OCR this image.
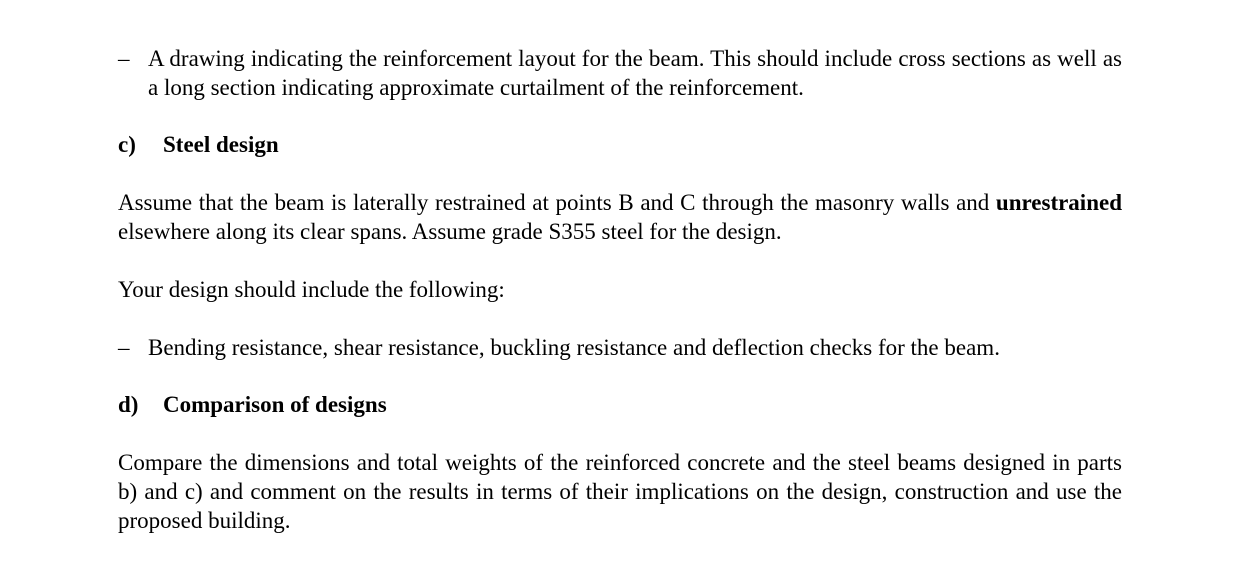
– A drawing indicating the reinforcement layout for the beam. This should include cross sections as well as a long section indicating approximate curtailment of the reinforcement.
c)	Steel design
Assume that the beam is laterally restrained at points B and C through the masonry walls and unrestrained elsewhere along its clear spans. Assume grade S355 steel for the design.
Your design should include the following:
– Bending resistance, shear resistance, buckling resistance and deflection checks for the beam.
d)	Comparison of designs
Compare the dimensions and total weights of the reinforced concrete and the steel beams designed in parts b) and c) and comment on the results in terms of their implications on the design, construction and use the proposed building.
